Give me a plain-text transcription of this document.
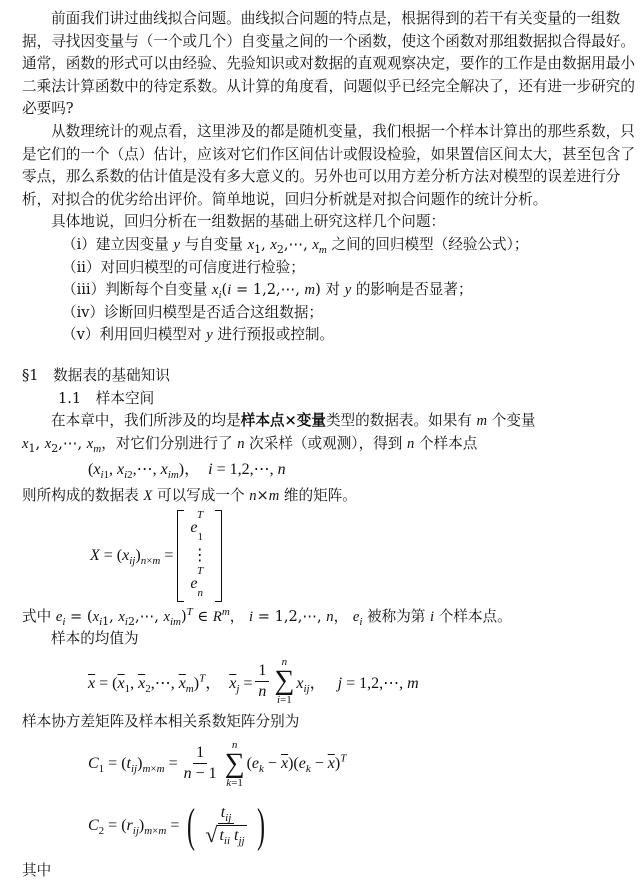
前面我们讲过曲线拟合问题。曲线拟合问题的特点是，根据得到的若干有关变量的一组数据，寻找因变量与（一个或几个）自变量之间的一个函数，使这个函数对那组数据拟合得最好。通常，函数的形式可以由经验、先验知识或对数据的直观观察决定，要作的工作是由数据用最小二乘法计算函数中的待定系数。从计算的角度看，问题似乎已经完全解决了，还有进一步研究的必要吗?

从数理统计的观点看，这里涉及的都是随机变量，我们根据一个样本计算出的那些系数，只是它们的一个（点）估计，应该对它们作区间估计或假设检验，如果置信区间太大，甚至包含了零点，那么系数的估计值是没有多大意义的。另外也可以用方差分析方法对模型的误差进行分析，对拟合的优劣给出评价。简单地说，回归分析就是对拟合问题作的统计分析。

具体地说，回归分析在一组数据的基础上研究这样几个问题：

（i）建立因变量 y 与自变量 $x_1$, $x_2,\cdots$, $x_m$ 之间的回归模型（经验公式）；

（ii）对回归模型的可信度进行检验；

（iii）判断每个自变量 $x_i(i$ = 1,2,⋯, m) 对 y 的影响是否显著；

（iv）诊断回归模型是否适合这组数据；

（v）利用回归模型对 y 进行预报或控制。

§1　数据表的基础知识

1.1　样本空间

在本章中，我们所涉及的均是样本点×变量类型的数据表。如果有 m 个变量

$x_1$, $x_2,\cdots$, $x_m$，对它们分别进行了 n 次采样（或观测），得到 n 个样本点

($x_{i1}$, $x_{i2},\cdots$, $x_{im}$)，  i = 1,2,⋯, n

则所构成的数据表 X 可以写成一个 n×m 维的矩阵。

$X = (x_{ij})_{n\times m}$ =
$e_1^T$
⋮
$e_n^T$

式中 $e_i = (x_{i1}$, $x_{i2},\cdots$, $x_{im})^T$ ∈ $R^m$， i = 1,2,⋯, n， $e_i$ 被称为第 i 个样本点。

样本的均值为

$\overline{x} = (\overline{x}_1$, $\overline{x}_2,\cdots$, $\overline{x}_m)^T$，  $\overline{x}_j = \frac{1}{n}$ n
∑
i=1
$x_{ij}$，   j = 1,2,⋯, m

样本协方差矩阵及样本相关系数矩阵分别为

$C_1 = (t_{ij})_{m\times m} = \frac{1}{n - 1}$ n
∑
k=1
$(e_k - \overline{x})(e_k - \overline{x})^T$
$C_2 = (r_{ij})_{m\times m}$ = ( $\frac{t_{ij}}{√ t_{ii} t_{jj}}$ )

其中
